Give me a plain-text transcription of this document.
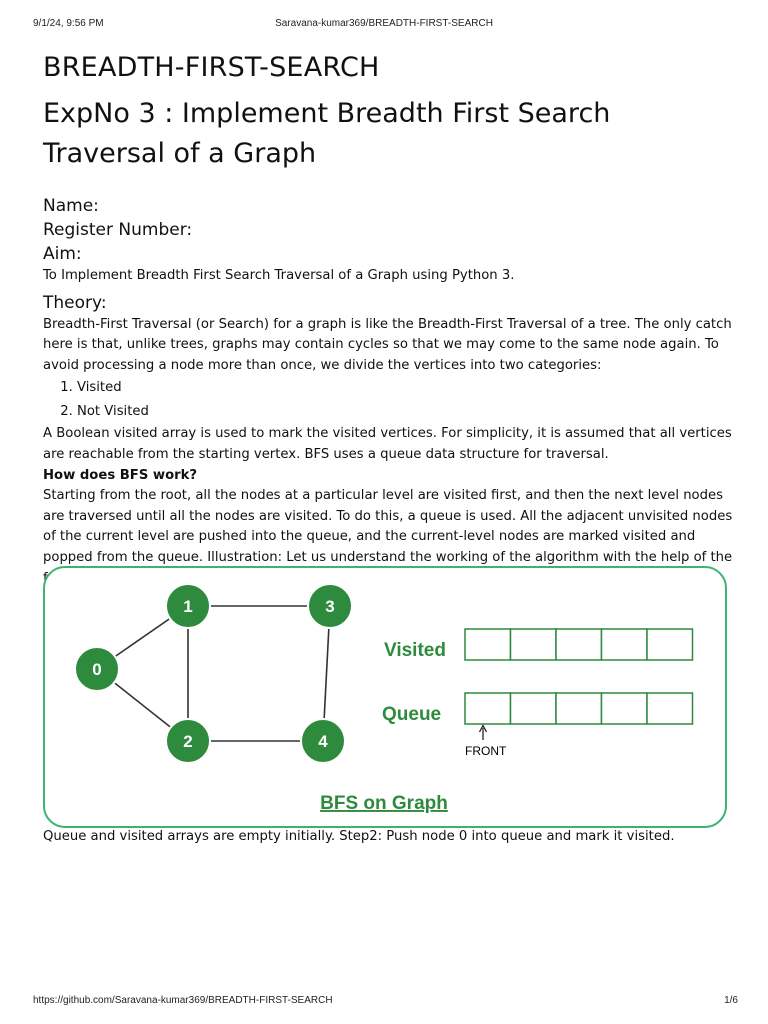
9/1/24, 9:56 PM	Saravana-kumar369/BREADTH-FIRST-SEARCH
BREADTH-FIRST-SEARCH
ExpNo 3 : Implement Breadth First Search Traversal of a Graph
Name:
Register Number:
Aim:

To Implement Breadth First Search Traversal of a Graph using Python 3.

Theory:

Breadth-First Traversal (or Search) for a graph is like the Breadth-First Traversal of a tree. The only catch here is that, unlike trees, graphs may contain cycles so that we may come to the same node again. To avoid processing a node more than once, we divide the vertices into two categories:

1. Visited
2. Not Visited

A Boolean visited array is used to mark the visited vertices. For simplicity, it is assumed that all vertices are reachable from the starting vertex. BFS uses a queue data structure for traversal.

How does BFS work?

Starting from the root, all the nodes at a particular level are visited first, and then the next level nodes are traversed until all the nodes are visited. To do this, a queue is used. All the adjacent unvisited nodes of the current level are pushed into the queue, and the current-level nodes are marked visited and popped from the queue. Illustration: Let us understand the working of the algorithm with the help of the

0
1
2
3
4
Visited
Queue
FRONT
BFS on Graph

Queue and visited arrays are empty initially. Step2: Push node 0 into queue and mark it visited.

https://github.com/Saravana-kumar369/BREADTH-FIRST-SEARCH	1/6
